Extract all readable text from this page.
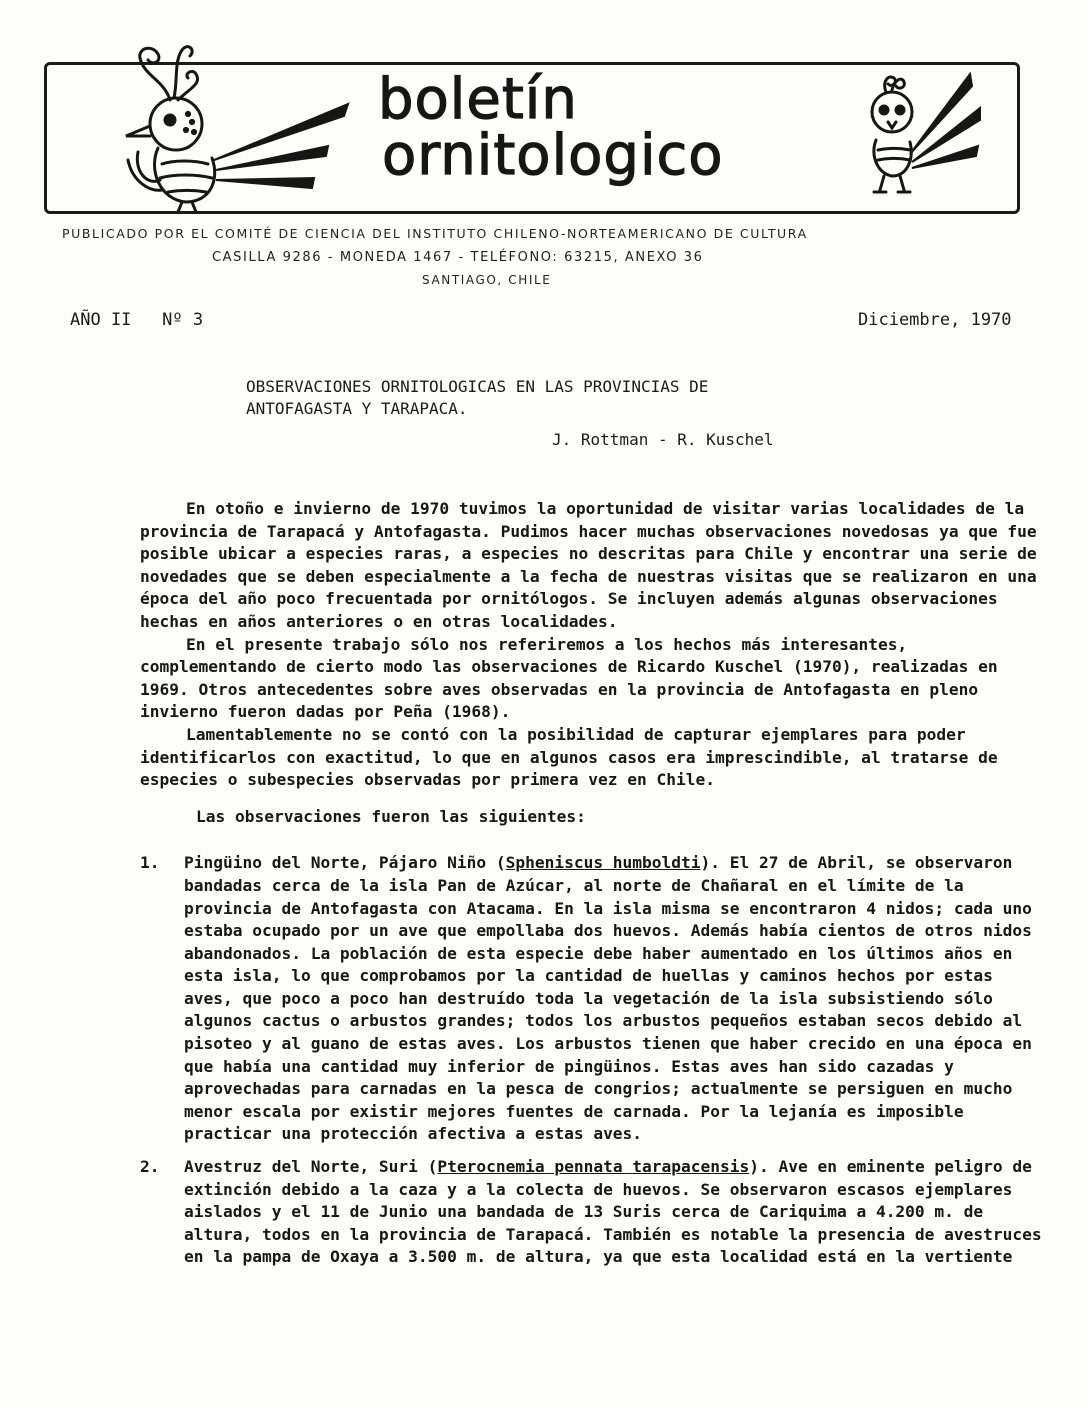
boletín
ornitologico
PUBLICADO POR EL COMITÉ DE CIENCIA DEL INSTITUTO CHILENO-NORTEAMERICANO DE CULTURA
CASILLA 9286 - MONEDA 1467 - TELÉFONO: 63215, ANEXO 36
SANTIAGO, CHILE
AÑO II   Nº 3	Diciembre, 1970
OBSERVACIONES ORNITOLOGICAS EN LAS PROVINCIAS DE
ANTOFAGASTA Y TARAPACA.
J. Rottman - R. Kuschel

En otoño e invierno de 1970 tuvimos la oportunidad de visitar varias localidades de la provincia de Tarapacá y Antofagasta. Pudimos hacer muchas observaciones novedosas ya que fue posible ubicar a especies raras, a especies no descritas para Chile y encontrar una serie de novedades que se deben especialmente a la fecha de nuestras visitas que se realizaron en una época del año poco frecuentada por ornitólogos. Se incluyen además algunas observaciones hechas en años anteriores o en otras localidades.

En el presente trabajo sólo nos referiremos a los hechos más interesantes, complementando de cierto modo las observaciones de Ricardo Kuschel (1970), realizadas en 1969. Otros antecedentes sobre aves observadas en la provincia de Antofagasta en pleno invierno fueron dadas por Peña (1968).

Lamentablemente no se contó con la posibilidad de capturar ejemplares para poder identificarlos con exactitud, lo que en algunos casos era imprescindible, al tratarse de especies o subespecies observadas por primera vez en Chile.

Las observaciones fueron las siguientes:

1. Pingüino del Norte, Pájaro Niño (Spheniscus humboldti). El 27 de Abril, se observaron bandadas cerca de la isla Pan de Azúcar, al norte de Chañaral en el límite de la provincia de Antofagasta con Atacama. En la isla misma se encontraron 4 nidos; cada uno estaba ocupado por un ave que empollaba dos huevos. Además había cientos de otros nidos abandonados. La población de esta especie debe haber aumentado en los últimos años en esta isla, lo que comprobamos por la cantidad de huellas y caminos hechos por estas aves, que poco a poco han destruído toda la vegetación de la isla subsistiendo sólo algunos cactus o arbustos grandes; todos los arbustos pequeños estaban secos debido al pisoteo y al guano de estas aves. Los arbustos tienen que haber crecido en una época en que había una cantidad muy inferior de pingüinos. Estas aves han sido cazadas y aprovechadas para carnadas en la pesca de congrios; actualmente se persiguen en mucho menor escala por existir mejores fuentes de carnada. Por la lejanía es imposible practicar una protección afectiva a estas aves.
2. Avestruz del Norte, Suri (Pterocnemia pennata tarapacensis). Ave en eminente peligro de extinción debido a la caza y a la colecta de huevos. Se observaron escasos ejemplares aislados y el 11 de Junio una bandada de 13 Suris cerca de Cariquima a 4.200 m. de altura, todos en la provincia de Tarapacá. También es notable la presencia de avestruces en la pampa de Oxaya a 3.500 m. de altura, ya que esta localidad está en la vertiente
